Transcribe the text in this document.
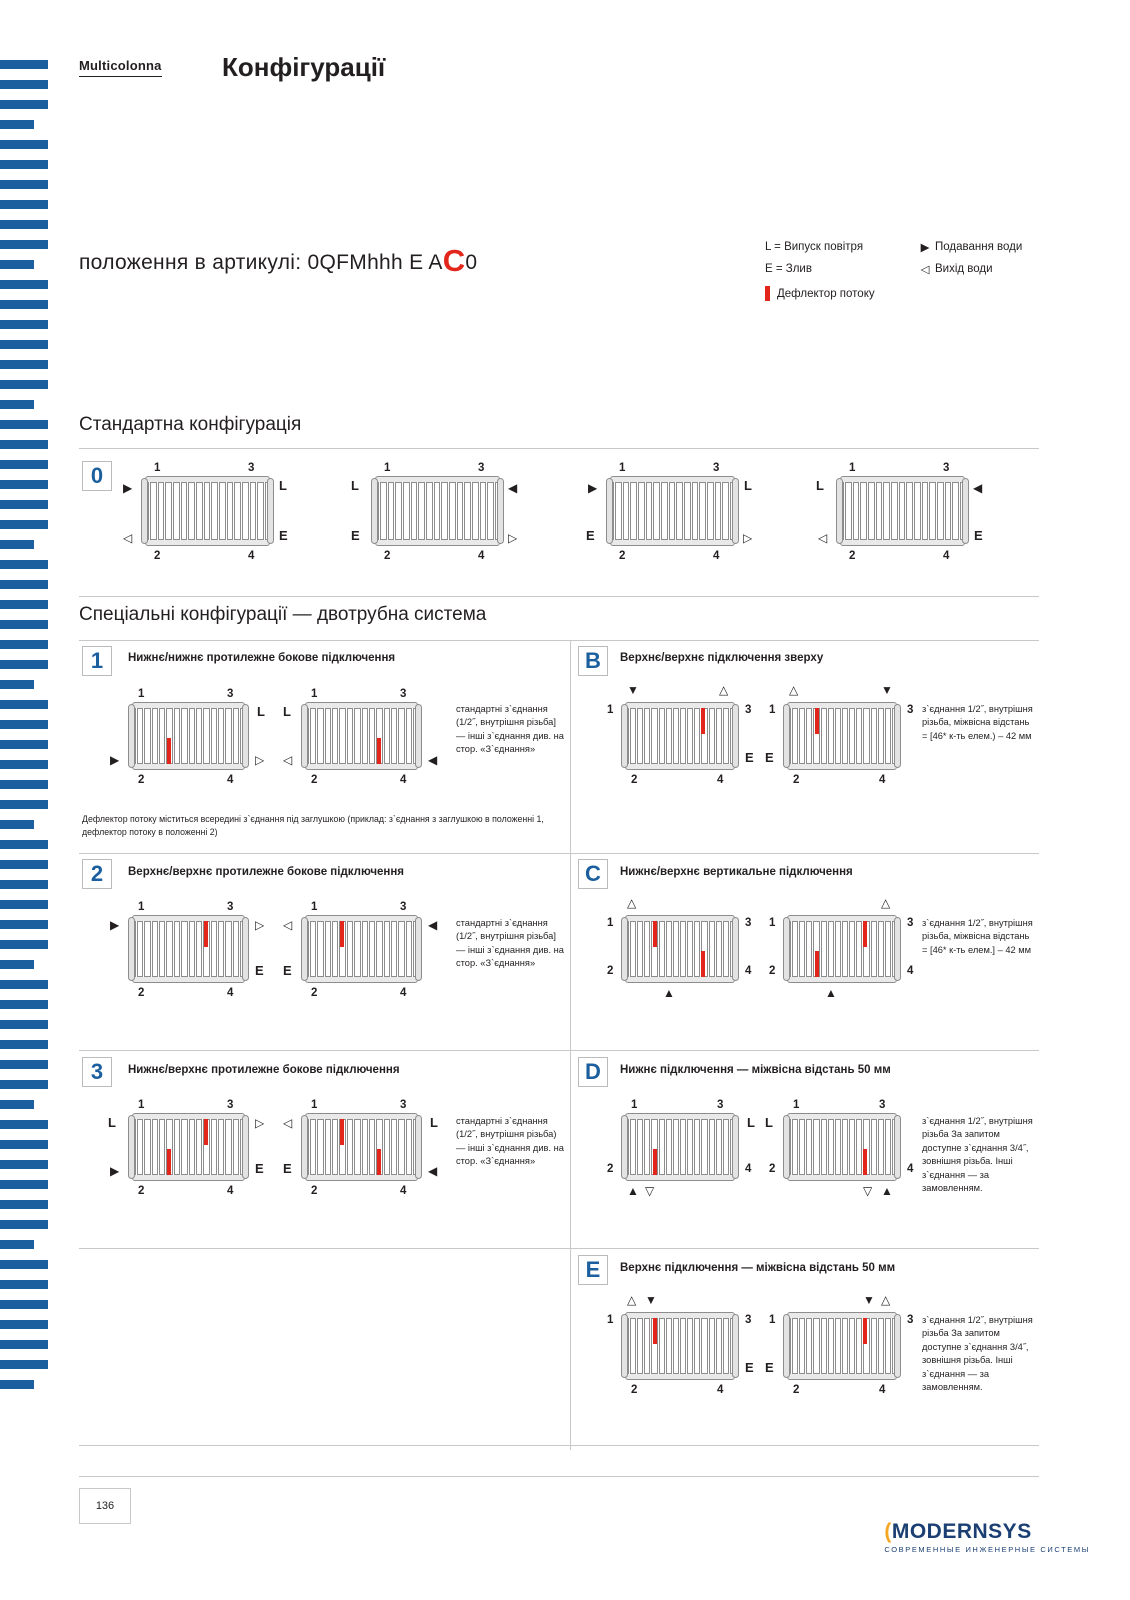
Multicolonna Конфігурації
положення в артикулі: 0QFMhhh E AC0
L = Випуск повітря	▶ Подавання води
E = Злив	◁ Вихід води
Дефлектор потоку
Стандартна конфігурація
0
Спеціальні конфігурації — двотрубна система
136
(MODERNSYS
СОВРЕМЕННЫЕ ИНЖЕНЕРНЫЕ СИСТЕМЫ
1	3
2	4
1	3
2	4
1	3
2	4
1	3
2	4
▶	L
◁	E
L	◀
E	▷
▶	L
E	▷
L	◀
◁	E
1	Нижнє/нижнє протилежне бокове підключення
1	3
2	4
1	3
2	4
L L
▶	▷ ◁	◀
стандартні з`єднання (1/2˝, внутрішня різьба] — інші з`єднання див. на стор. «З`єднання»
Дефлектор потоку міститься всередині з`єднання під заглушкою (приклад: з`єднання з заглушкою в положенні 1, дефлектор потоку в положенні 2)
B	Верхнє/верхнє підключення зверху
1	3 1	3
2	4	2	4
▼	△	△	▼
E E
з`єднання 1/2˝, внутрішня різьба, міжвісна відстань = [46* к-ть елем.) – 42 мм
2	Верхнє/верхнє протилежне бокове підключення
1	3
2	4
1	3
2	4
▶	▷ ◁	◀
E E
стандартні з`єднання (1/2˝, внутрішня різьба] — інші з`єднання див. на стор. «З`єднання»
C	Нижнє/верхнє вертикальне підключення
1	3 1	3
2	4 2	4
△
▲
△
▲
з`єднання 1/2˝, внутрішня різьба, міжвісна відстань = [46* к-ть елем.] – 42 мм
3	Нижнє/верхнє протилежне бокове підключення
1	3
2	4
1	3
2	4
L	▷ ◁	L
▶	E E	◀
стандартні з`єднання (1/2˝, внутрішня різьба) — інші з`єднання див. на стор. «З`єднання»
D	Нижнє підключення — міжвісна відстань 50 мм
1	3	1	3
2	4 2	4
L L
▲ ▽	▽ ▲
з`єднання 1/2˝, внутрішня різьба За запитом доступне з`єднання 3/4˝, зовнішня різьба. Інші з`єднання — за замовленням.
E	Верхнє підключення — міжвісна відстань 50 мм
1	3 1	3
2	4	2	4
△ ▼	▼ △
E E
з`єднання 1/2˝, внутрішня різьба За запитом доступне з`єднання 3/4˝, зовнішня різьба. Інші з`єднання — за замовленням.
